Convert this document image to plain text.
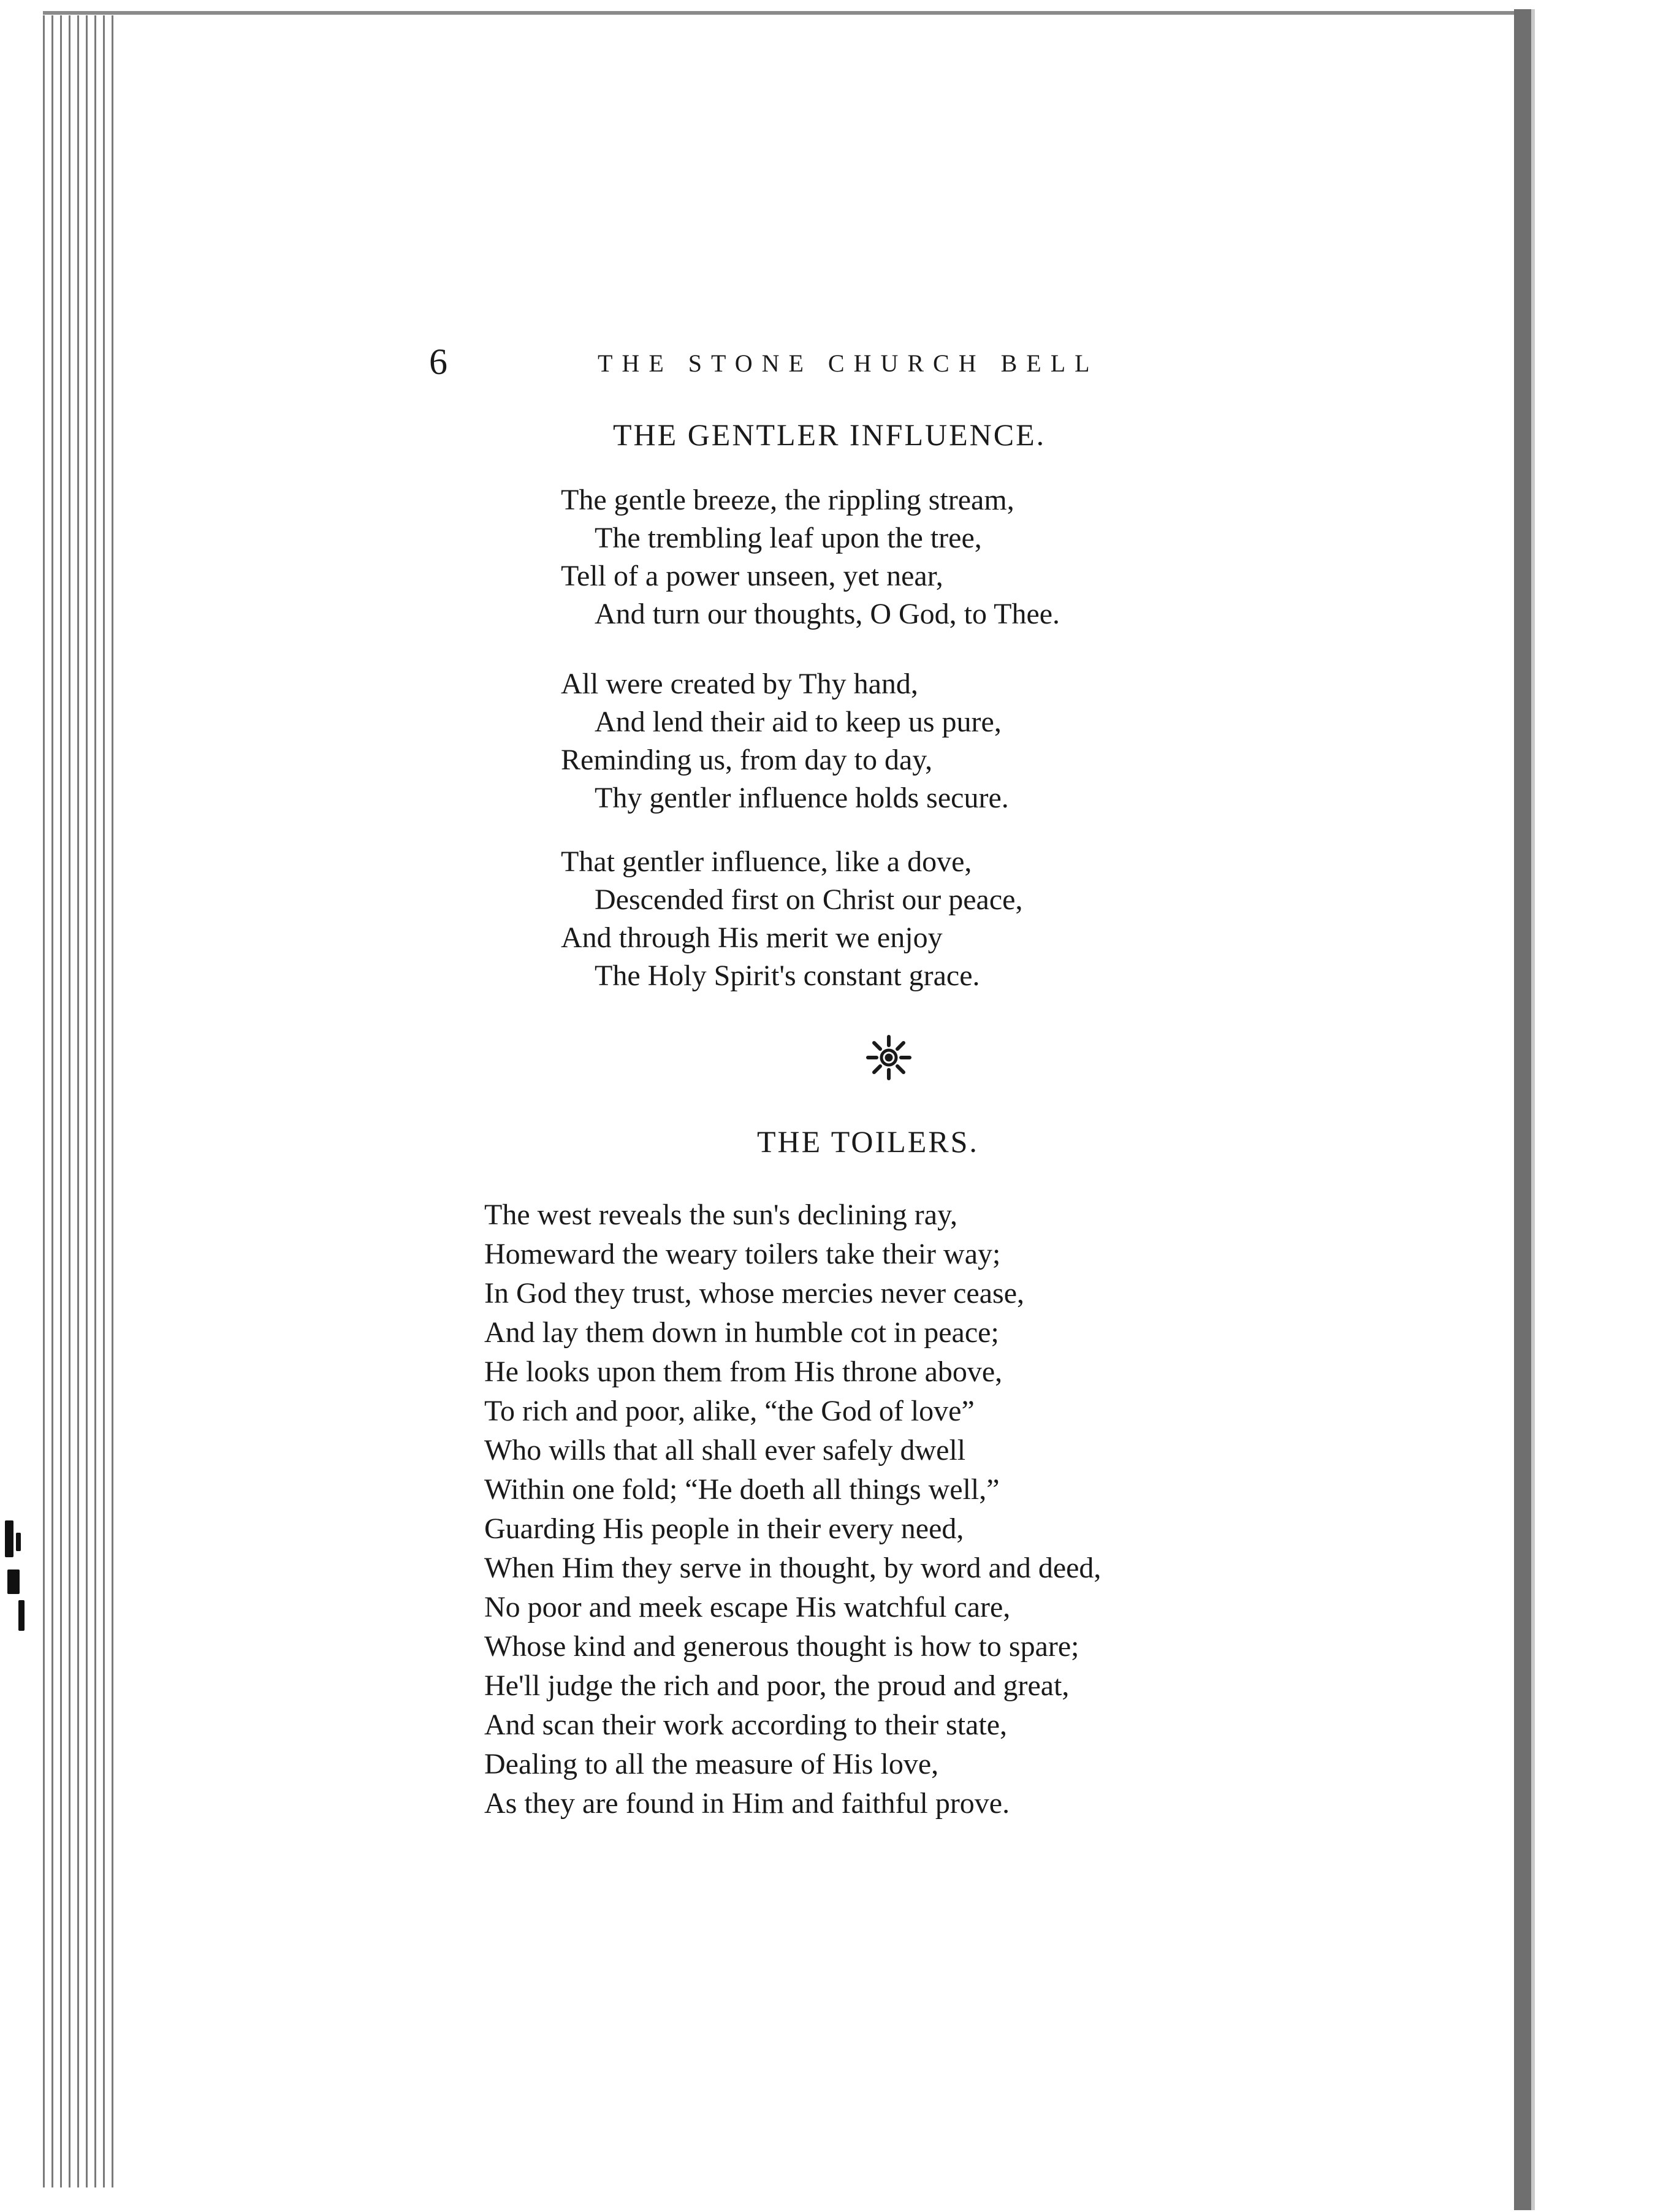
6	THE STONE CHURCH BELL
THE GENTLER INFLUENCE.
The gentle breeze, the rippling stream,
The trembling leaf upon the tree,
Tell of a power unseen, yet near,
And turn our thoughts, O God, to Thee.
All were created by Thy hand,
And lend their aid to keep us pure,
Reminding us, from day to day,
Thy gentler influence holds secure.
That gentler influence, like a dove,
Descended first on Christ our peace,
And through His merit we enjoy
The Holy Spirit's constant grace.
THE TOILERS.
The west reveals the sun's declining ray,
Homeward the weary toilers take their way;
In God they trust, whose mercies never cease,
And lay them down in humble cot in peace;
He looks upon them from His throne above,
To rich and poor, alike, “the God of love”
Who wills that all shall ever safely dwell
Within one fold; “He doeth all things well,”
Guarding His people in their every need,
When Him they serve in thought, by word and deed,
No poor and meek escape His watchful care,
Whose kind and generous thought is how to spare;
He'll judge the rich and poor, the proud and great,
And scan their work according to their state,
Dealing to all the measure of His love,
As they are found in Him and faithful prove.
